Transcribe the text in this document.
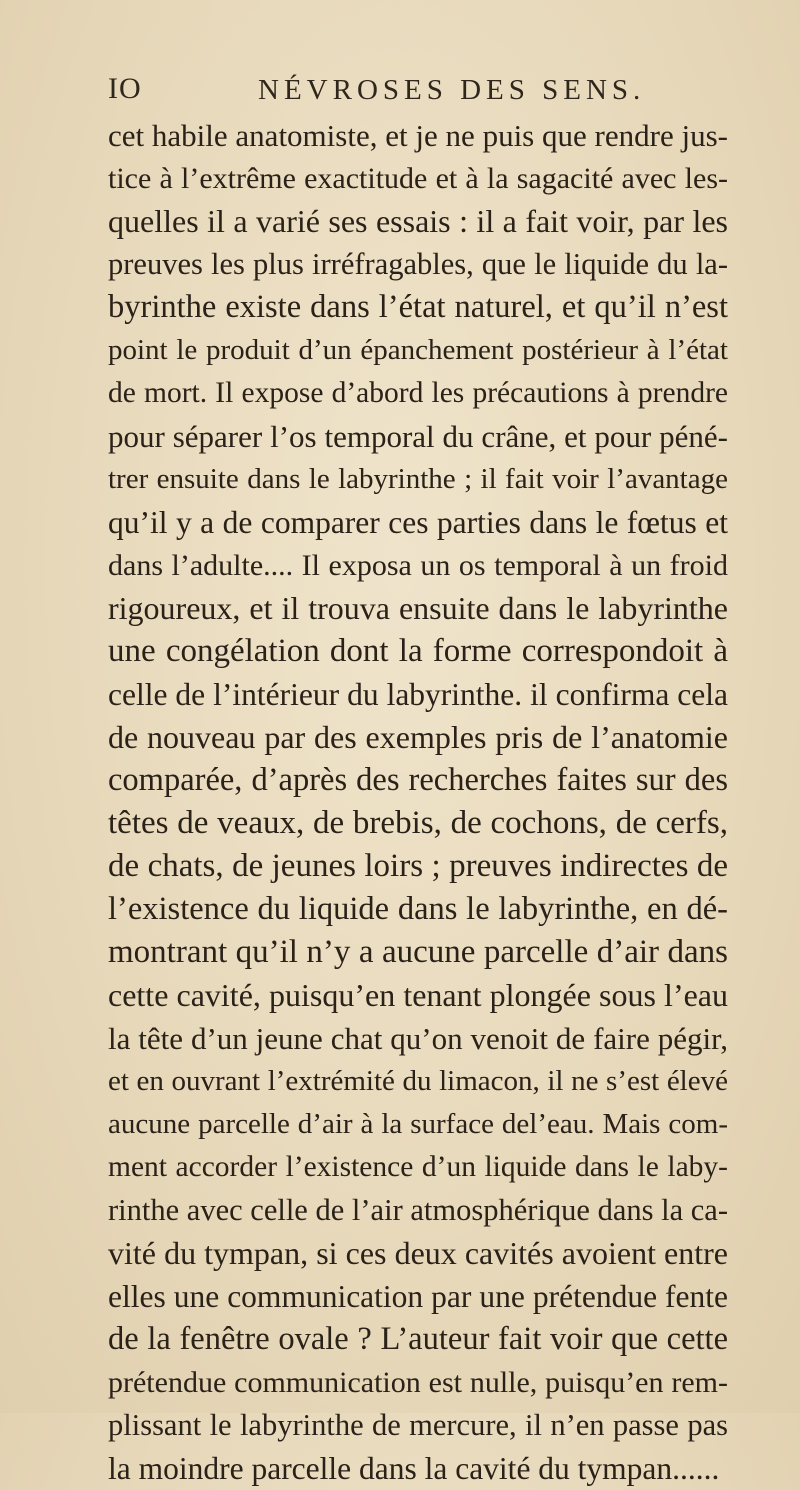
IO	NÉVROSES DES SENS.
cet habile anatomiste, et je ne puis que rendre jus-
tice à l’extrême exactitude et à la sagacité avec les-
quelles il a varié ses essais : il a fait voir, par les
preuves les plus irréfragables, que le liquide du la-
byrinthe existe dans l’état naturel, et qu’il n’est
point le produit d’un épanchement postérieur à l’état
de mort. Il expose d’abord les précautions à prendre
pour séparer l’os temporal du crâne, et pour péné-
trer ensuite dans le labyrinthe ; il fait voir l’avantage
qu’il y a de comparer ces parties dans le fœtus et
dans l’adulte.... Il exposa un os temporal à un froid
rigoureux, et il trouva ensuite dans le labyrinthe
une congélation dont la forme correspondoit à
celle de l’intérieur du labyrinthe. il confirma cela
de nouveau par des exemples pris de l’anatomie
comparée, d’après des recherches faites sur des
têtes de veaux, de brebis, de cochons, de cerfs,
de chats, de jeunes loirs ; preuves indirectes de
l’existence du liquide dans le labyrinthe, en dé-
montrant qu’il n’y a aucune parcelle d’air dans
cette cavité, puisqu’en tenant plongée sous l’eau
la tête d’un jeune chat qu’on venoit de faire pégir,
et en ouvrant l’extrémité du limacon, il ne s’est élevé
aucune parcelle d’air à la surface del’eau. Mais com-
ment accorder l’existence d’un liquide dans le laby-
rinthe avec celle de l’air atmosphérique dans la ca-
vité du tympan, si ces deux cavités avoient entre
elles une communication par une prétendue fente
de la fenêtre ovale ? L’auteur fait voir que cette
prétendue communication est nulle, puisqu’en rem-
plissant le labyrinthe de mercure, il n’en passe pas
la moindre parcelle dans la cavité du tympan......
